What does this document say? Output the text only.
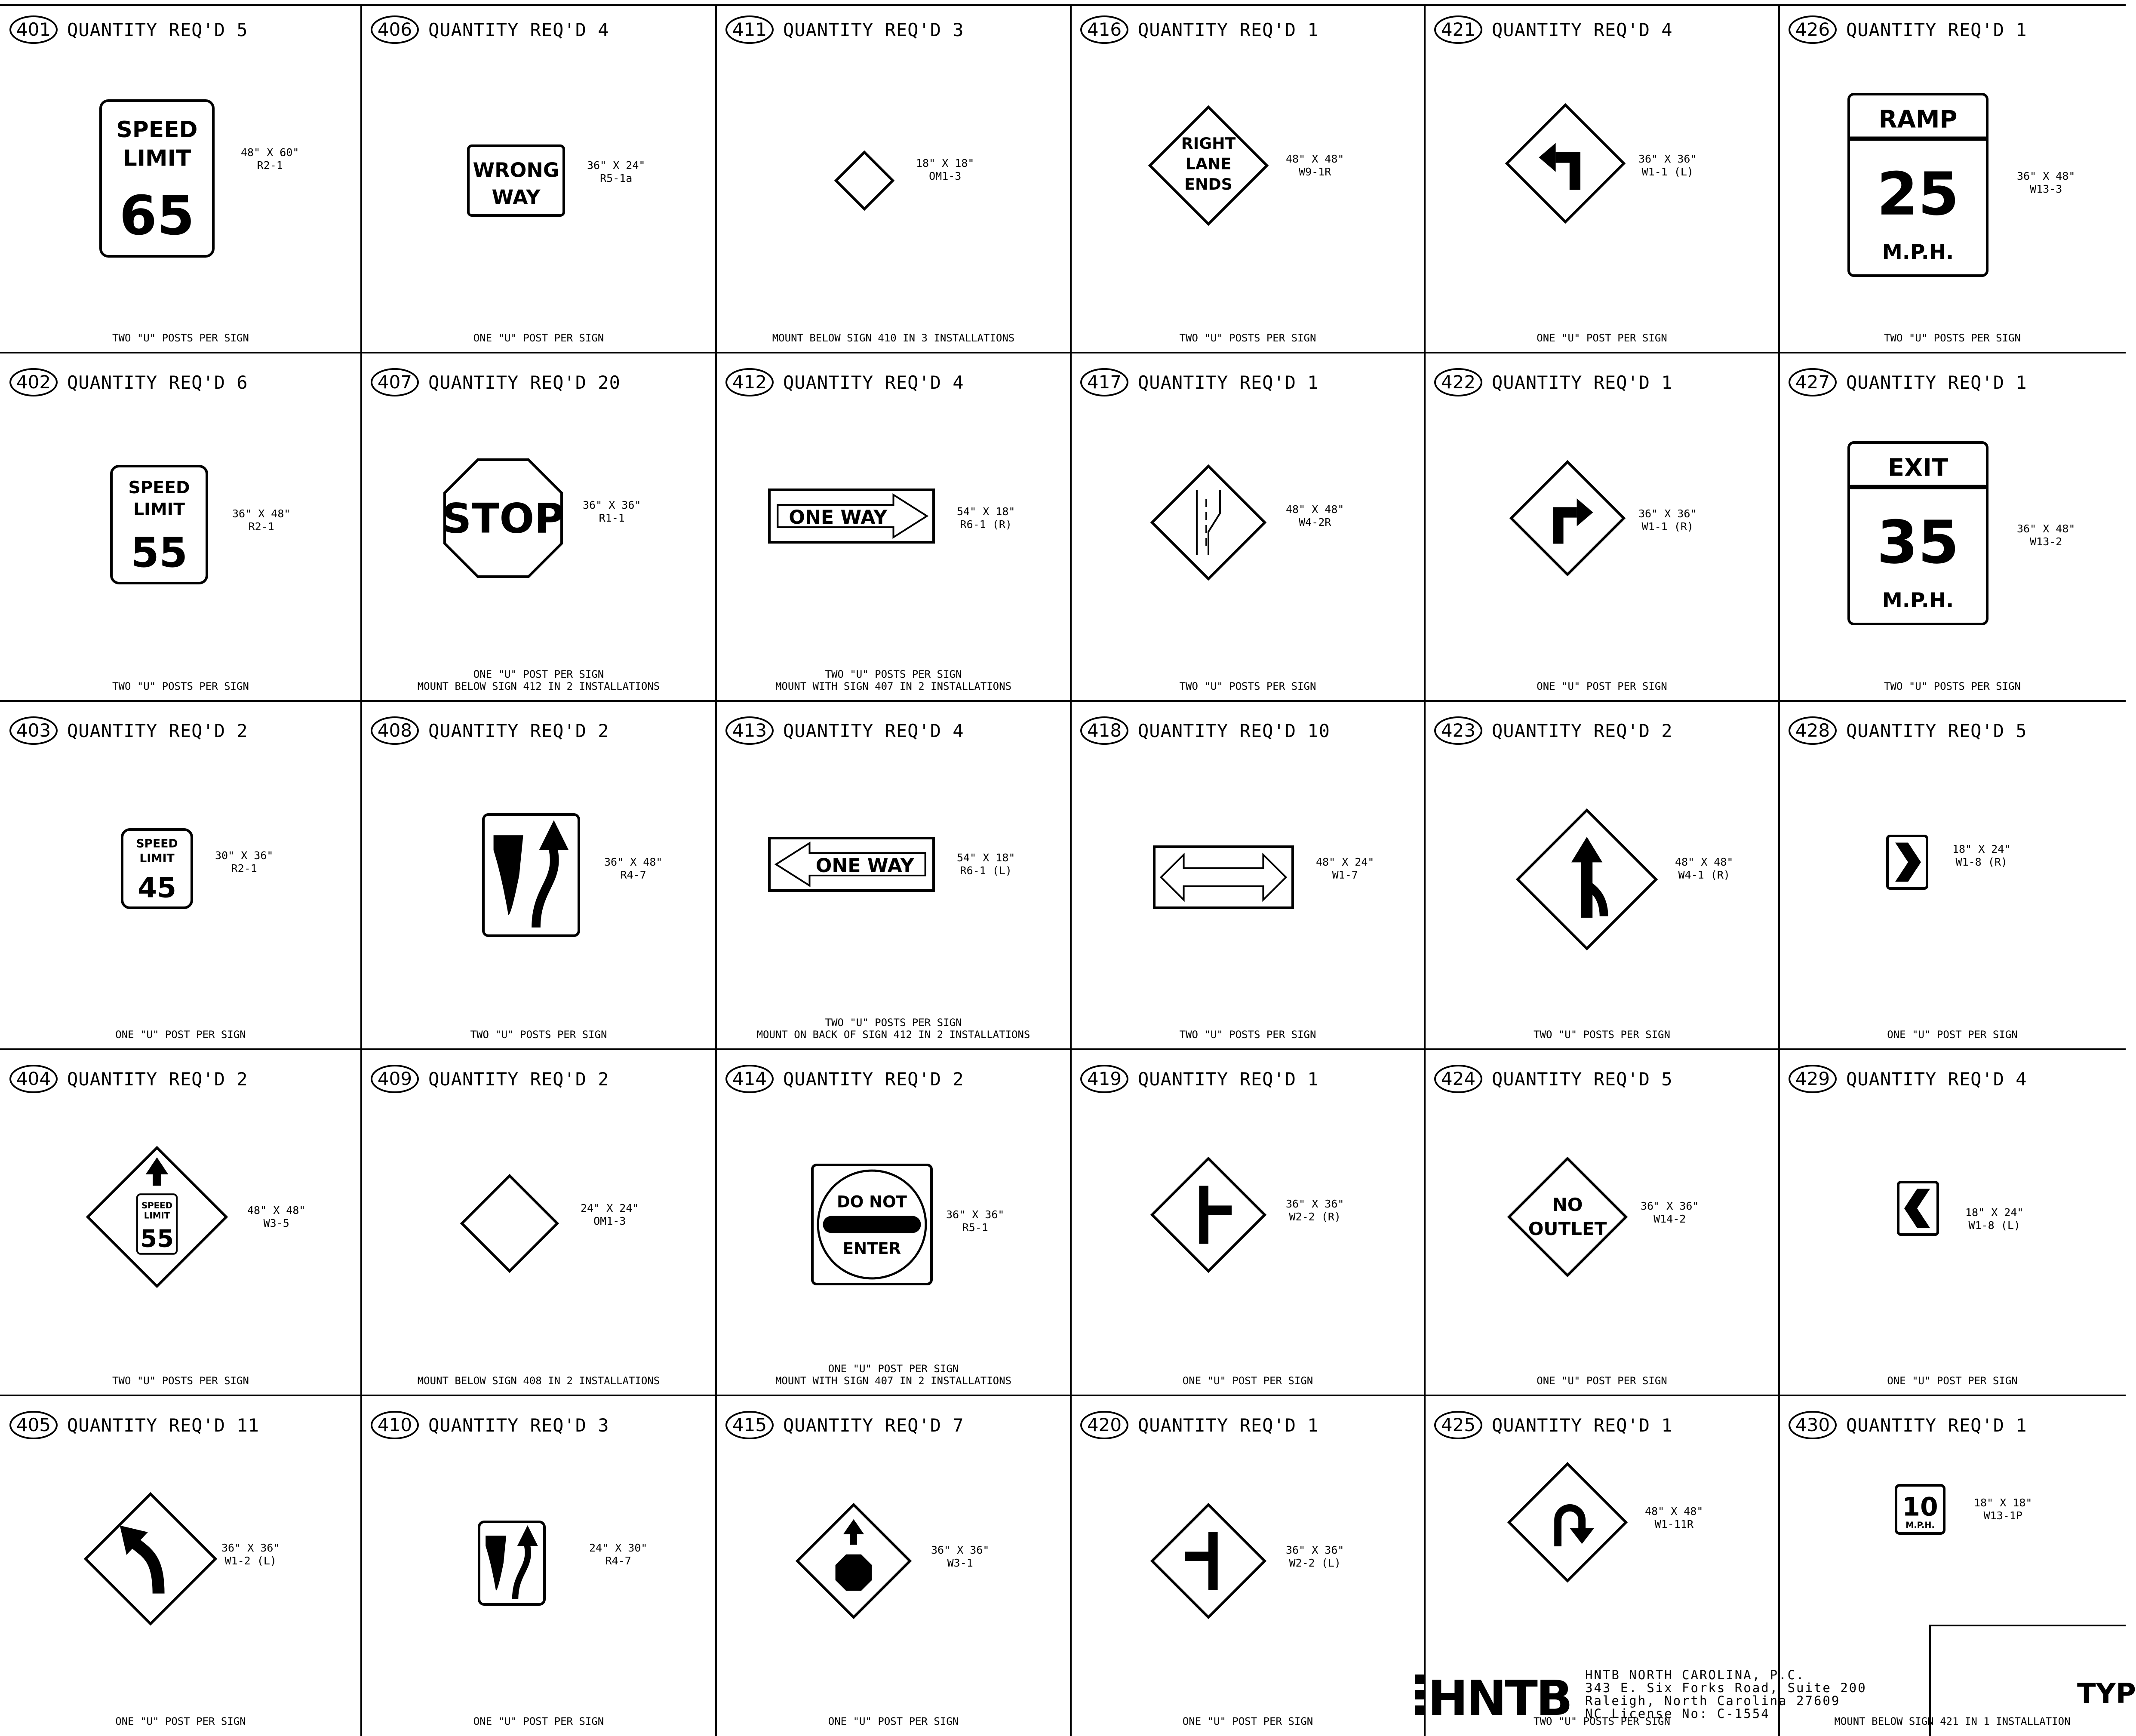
401 QUANTITY REQ'D 5
TWO "U" POSTS PER SIGN
SPEED
LIMIT
65
48" X 60"
R2-1
402 QUANTITY REQ'D 6
TWO "U" POSTS PER SIGN
SPEED
LIMIT
55
36" X 48"
R2-1
403 QUANTITY REQ'D 2
ONE "U" POST PER SIGN
SPEED
LIMIT
45
30" X 36"
R2-1
404 QUANTITY REQ'D 2
TWO "U" POSTS PER SIGN
SPEED
LIMIT
55
48" X 48"
W3-5
405 QUANTITY REQ'D 11
ONE "U" POST PER SIGN
36" X 36"
W1-2 (L)
406 QUANTITY REQ'D 4
ONE "U" POST PER SIGN
WRONG
WAY
36" X 24"
R5-1a
407 QUANTITY REQ'D 20
ONE "U" POST PER SIGN
MOUNT BELOW SIGN 412 IN 2 INSTALLATIONS
STOP 36" X 36"
R1-1
408 QUANTITY REQ'D 2
TWO "U" POSTS PER SIGN
36" X 48"
R4-7
409 QUANTITY REQ'D 2
MOUNT BELOW SIGN 408 IN 2 INSTALLATIONS
24" X 24"
OM1-3
410 QUANTITY REQ'D 3
ONE "U" POST PER SIGN
24" X 30"
R4-7
411 QUANTITY REQ'D 3
MOUNT BELOW SIGN 410 IN 3 INSTALLATIONS
18" X 18"
OM1-3
412 QUANTITY REQ'D 4
TWO "U" POSTS PER SIGN
MOUNT WITH SIGN 407 IN 2 INSTALLATIONS
ONE WAY	54" X 18"
R6-1 (R)
413 QUANTITY REQ'D 4
TWO "U" POSTS PER SIGN
MOUNT ON BACK OF SIGN 412 IN 2 INSTALLATIONS
ONE WAY	54" X 18"
R6-1 (L)
414 QUANTITY REQ'D 2
ONE "U" POST PER SIGN
MOUNT WITH SIGN 407 IN 2 INSTALLATIONS
DO NOT
ENTER
36" X 36"
R5-1
415 QUANTITY REQ'D 7
ONE "U" POST PER SIGN
36" X 36"
W3-1
416 QUANTITY REQ'D 1
TWO "U" POSTS PER SIGN
RIGHT
LANE
ENDS
48" X 48"
W9-1R
417 QUANTITY REQ'D 1
TWO "U" POSTS PER SIGN
48" X 48"
W4-2R
418 QUANTITY REQ'D 10
TWO "U" POSTS PER SIGN
48" X 24"
W1-7
419 QUANTITY REQ'D 1
ONE "U" POST PER SIGN
36" X 36"
W2-2 (R)
420 QUANTITY REQ'D 1
ONE "U" POST PER SIGN
36" X 36"
W2-2 (L)
421 QUANTITY REQ'D 4
ONE "U" POST PER SIGN
36" X 36"
W1-1 (L)
422 QUANTITY REQ'D 1
ONE "U" POST PER SIGN
36" X 36"
W1-1 (R)
423 QUANTITY REQ'D 2
TWO "U" POSTS PER SIGN
48" X 48"
W4-1 (R)
424 QUANTITY REQ'D 5
ONE "U" POST PER SIGN
NO
OUTLET
36" X 36"
W14-2
425 QUANTITY REQ'D 1
TWO "U" POSTS PER SIGN
48" X 48"
W1-11R
426 QUANTITY REQ'D 1
TWO "U" POSTS PER SIGN
RAMP
25
M.P.H.
36" X 48"
W13-3
427 QUANTITY REQ'D 1
TWO "U" POSTS PER SIGN
EXIT
35
M.P.H.
36" X 48"
W13-2
428 QUANTITY REQ'D 5
ONE "U" POST PER SIGN
18" X 24"
W1-8 (R)
429 QUANTITY REQ'D 4
ONE "U" POST PER SIGN
18" X 24"
W1-8 (L)
430 QUANTITY REQ'D 1
MOUNT BELOW SIGN 421 IN 1 INSTALLATION
10
M.P.H.
18" X 18"
W13-1P
HNTB HNTB NORTH CAROLINA, P.C.
343 E. Six Forks Road, Suite 200
Raleigh, North Carolina 27609
NC License No: C-1554
TYP
